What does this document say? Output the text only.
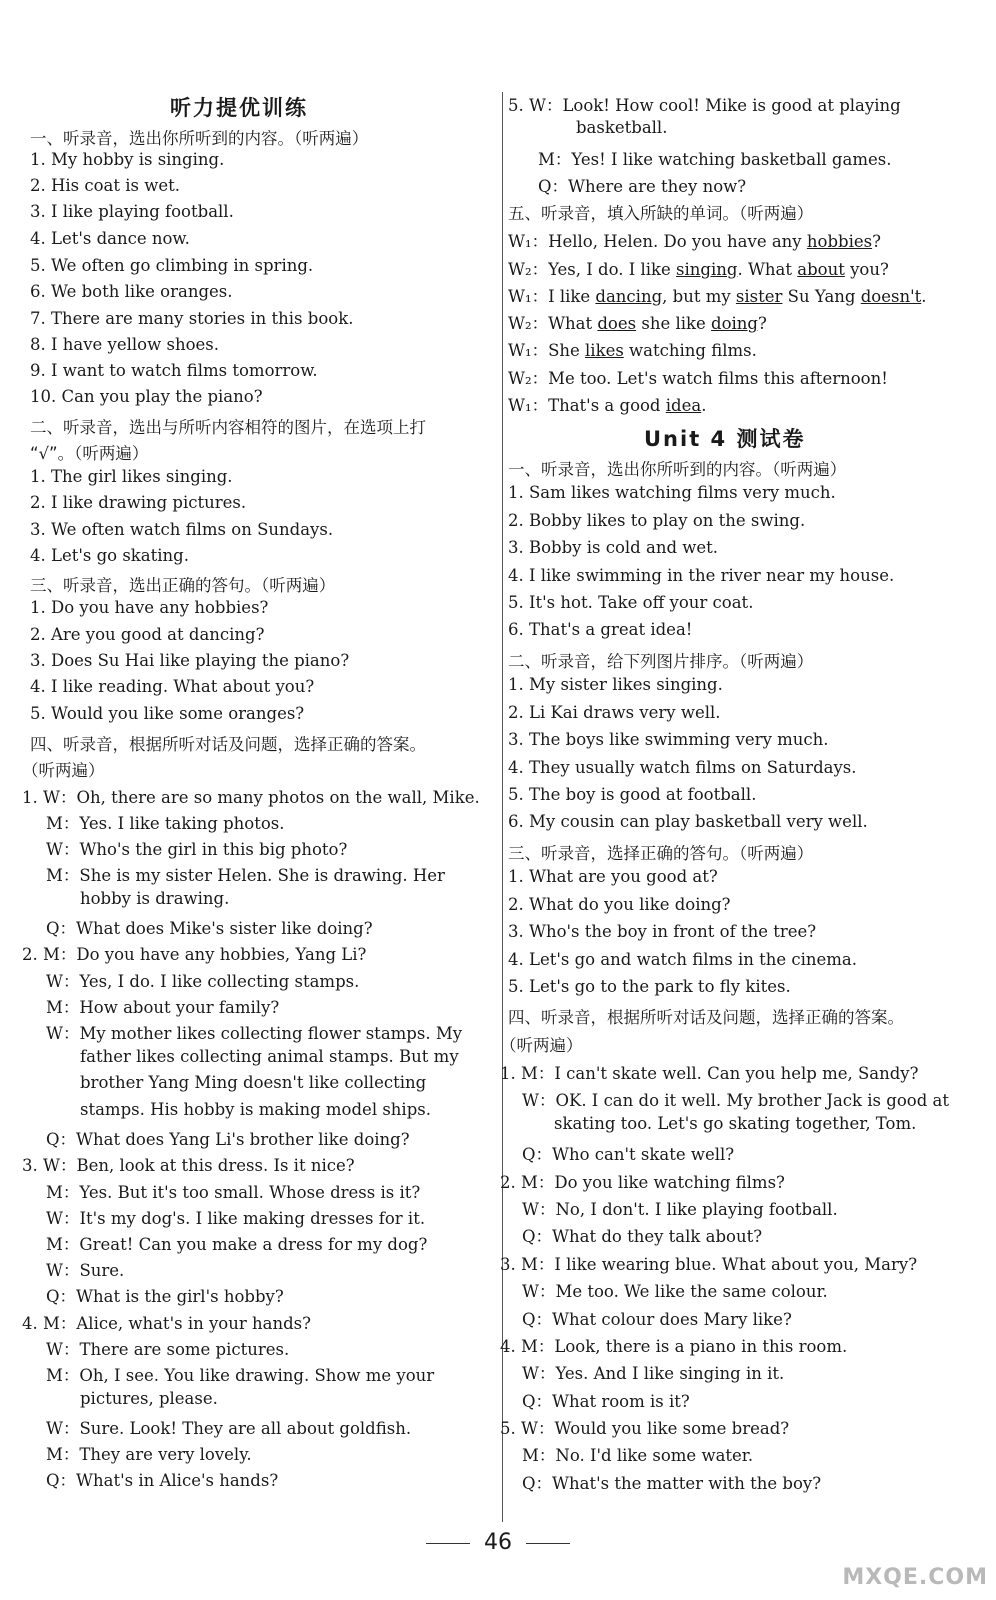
听力提优训练
一、听录音，选出你所听到的内容。（听两遍）
1. My hobby is singing.
2. His coat is wet.
3. I like playing football.
4. Let's dance now.
5. We often go climbing in spring.
6. We both like oranges.
7. There are many stories in this book.
8. I have yellow shoes.
9. I want to watch films tomorrow.
10. Can you play the piano?
二、听录音，选出与所听内容相符的图片，在选项上打
“√”。（听两遍）
1. The girl likes singing.
2. I like drawing pictures.
3. We often watch films on Sundays.
4. Let's go skating.
三、听录音，选出正确的答句。（听两遍）
1. Do you have any hobbies?
2. Are you good at dancing?
3. Does Su Hai like playing the piano?
4. I like reading. What about you?
5. Would you like some oranges?
四、听录音，根据所听对话及问题，选择正确的答案。
（听两遍）
1. W：Oh, there are so many photos on the wall, Mike.
M：Yes. I like taking photos.
W：Who's the girl in this big photo?
M：She is my sister Helen. She is drawing. Her
hobby is drawing.
Q：What does Mike's sister like doing?
2. M：Do you have any hobbies, Yang Li?
W：Yes, I do. I like collecting stamps.
M：How about your family?
W：My mother likes collecting flower stamps. My
father likes collecting animal stamps. But my
brother Yang Ming doesn't like collecting
stamps. His hobby is making model ships.
Q：What does Yang Li's brother like doing?
3. W：Ben, look at this dress. Is it nice?
M：Yes. But it's too small. Whose dress is it?
W：It's my dog's. I like making dresses for it.
M：Great! Can you make a dress for my dog?
W：Sure.
Q：What is the girl's hobby?
4. M：Alice, what's in your hands?
W：There are some pictures.
M：Oh, I see. You like drawing. Show me your
pictures, please.
W：Sure. Look! They are all about goldfish.
M：They are very lovely.
Q：What's in Alice's hands?
5. W：Look! How cool! Mike is good at playing
basketball.
M：Yes! I like watching basketball games.
Q：Where are they now?
五、听录音，填入所缺的单词。（听两遍）
W₁：Hello, Helen. Do you have any hobbies?
W₂：Yes, I do. I like singing. What about you?
W₁：I like dancing, but my sister Su Yang doesn't.
W₂：What does she like doing?
W₁：She likes watching films.
W₂：Me too. Let's watch films this afternoon!
W₁：That's a good idea.
Unit 4 测试卷
一、听录音，选出你所听到的内容。（听两遍）
1. Sam likes watching films very much.
2. Bobby likes to play on the swing.
3. Bobby is cold and wet.
4. I like swimming in the river near my house.
5. It's hot. Take off your coat.
6. That's a great idea!
二、听录音，给下列图片排序。（听两遍）
1. My sister likes singing.
2. Li Kai draws very well.
3. The boys like swimming very much.
4. They usually watch films on Saturdays.
5. The boy is good at football.
6. My cousin can play basketball very well.
三、听录音，选择正确的答句。（听两遍）
1. What are you good at?
2. What do you like doing?
3. Who's the boy in front of the tree?
4. Let's go and watch films in the cinema.
5. Let's go to the park to fly kites.
四、听录音，根据所听对话及问题，选择正确的答案。
（听两遍）
1. M：I can't skate well. Can you help me, Sandy?
W：OK. I can do it well. My brother Jack is good at
skating too. Let's go skating together, Tom.
Q：Who can't skate well?
2. M：Do you like watching films?
W：No, I don't. I like playing football.
Q：What do they talk about?
3. M：I like wearing blue. What about you, Mary?
W：Me too. We like the same colour.
Q：What colour does Mary like?
4. M：Look, there is a piano in this room.
W：Yes. And I like singing in it.
Q：What room is it?
5. W：Would you like some bread?
M：No. I'd like some water.
Q：What's the matter with the boy?
46
MXQE.COM
